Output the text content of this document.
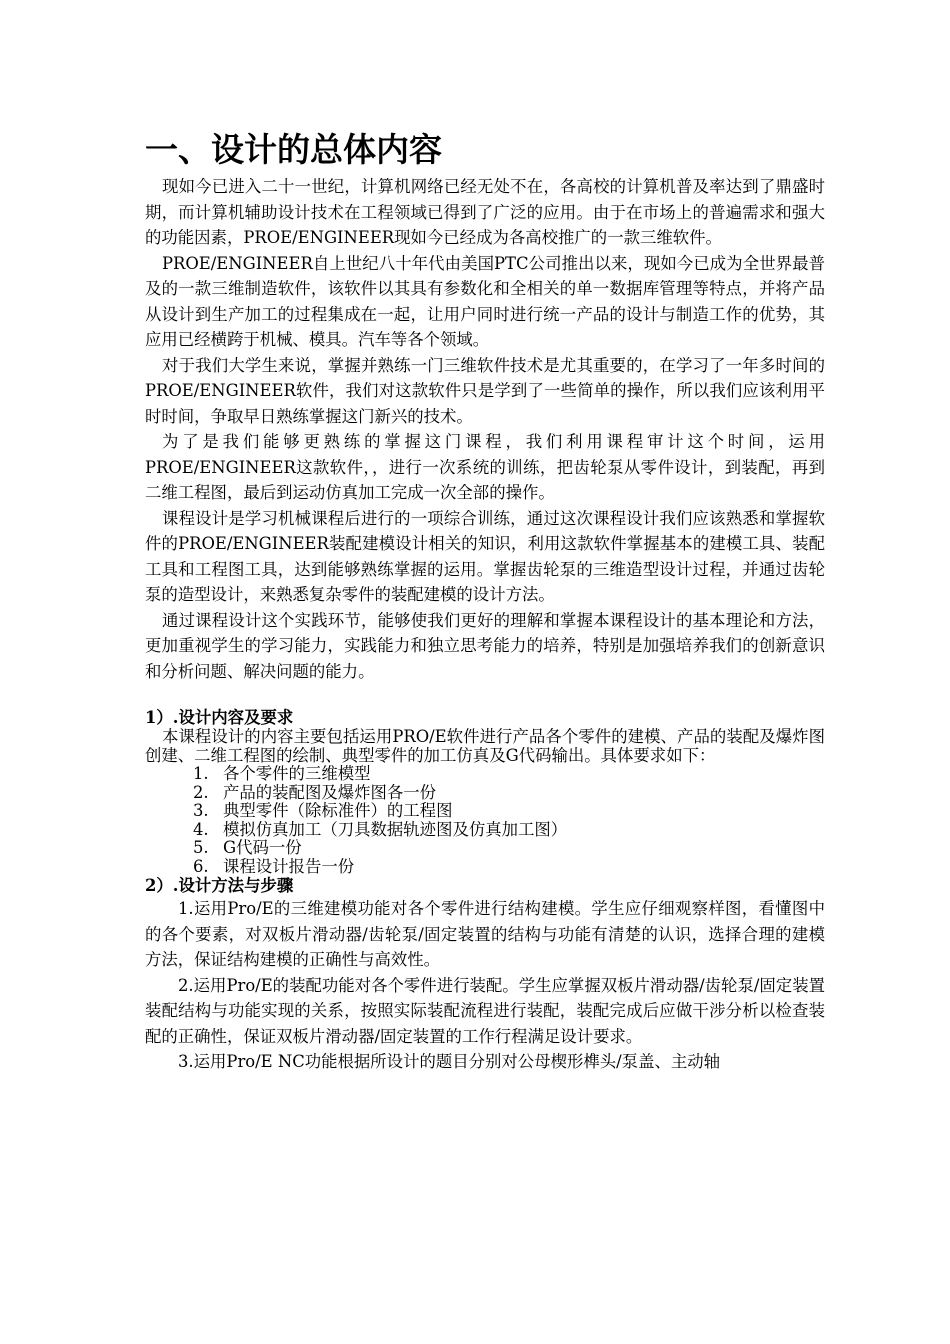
一、设计的总体内容

现如今已进入二十一世纪，计算机网络已经无处不在，各高校的计算机普及率达到了鼎盛时期，而计算机辅助设计技术在工程领域已得到了广泛的应用。由于在市场上的普遍需求和强大的功能因素，PROE/ENGINEER现如今已经成为各高校推广的一款三维软件。

PROE/ENGINEER自上世纪八十年代由美国PTC公司推出以来，现如今已成为全世界最普及的一款三维制造软件，该软件以其具有参数化和全相关的单一数据库管理等特点，并将产品从设计到生产加工的过程集成在一起，让用户同时进行统一产品的设计与制造工作的优势，其应用已经横跨于机械、模具。汽车等各个领域。

对于我们大学生来说，掌握并熟练一门三维软件技术是尤其重要的，在学习了一年多时间的PROE/ENGINEER软件，我们对这款软件只是学到了一些简单的操作，所以我们应该利用平时时间，争取早日熟练掌握这门新兴的技术。

为了是我们能够更熟练的掌握这门课程，我们利用课程审计这个时间，运用PROE/ENGINEER这款软件，，进行一次系统的训练，把齿轮泵从零件设计，到装配，再到二维工程图，最后到运动仿真加工完成一次全部的操作。

课程设计是学习机械课程后进行的一项综合训练，通过这次课程设计我们应该熟悉和掌握软件的PROE/ENGINEER装配建模设计相关的知识，利用这款软件掌握基本的建模工具、装配工具和工程图工具，达到能够熟练掌握的运用。掌握齿轮泵的三维造型设计过程，并通过齿轮泵的造型设计，来熟悉复杂零件的装配建模的设计方法。

通过课程设计这个实践环节，能够使我们更好的理解和掌握本课程设计的基本理论和方法，更加重视学生的学习能力，实践能力和独立思考能力的培养，特别是加强培养我们的创新意识和分析问题、解决问题的能力。

1）.设计内容及要求

本课程设计的内容主要包括运用PRO/E软件进行产品各个零件的建模、产品的装配及爆炸图创建、二维工程图的绘制、典型零件的加工仿真及G代码输出。具体要求如下：

1. 各个零件的三维模型
2. 产品的装配图及爆炸图各一份
3. 典型零件（除标准件）的工程图
4. 模拟仿真加工（刀具数据轨迹图及仿真加工图）
5. G代码一份
6. 课程设计报告一份

2）.设计方法与步骤

1.运用Pro/E的三维建模功能对各个零件进行结构建模。学生应仔细观察样图，看懂图中的各个要素，对双板片滑动器/齿轮泵/固定装置的结构与功能有清楚的认识，选择合理的建模方法，保证结构建模的正确性与高效性。

2.运用Pro/E的装配功能对各个零件进行装配。学生应掌握双板片滑动器/齿轮泵/固定装置装配结构与功能实现的关系，按照实际装配流程进行装配，装配完成后应做干涉分析以检查装配的正确性，保证双板片滑动器/固定装置的工作行程满足设计要求。

3.运用Pro/E NC功能根据所设计的题目分别对公母楔形榫头/泵盖、主动轴
